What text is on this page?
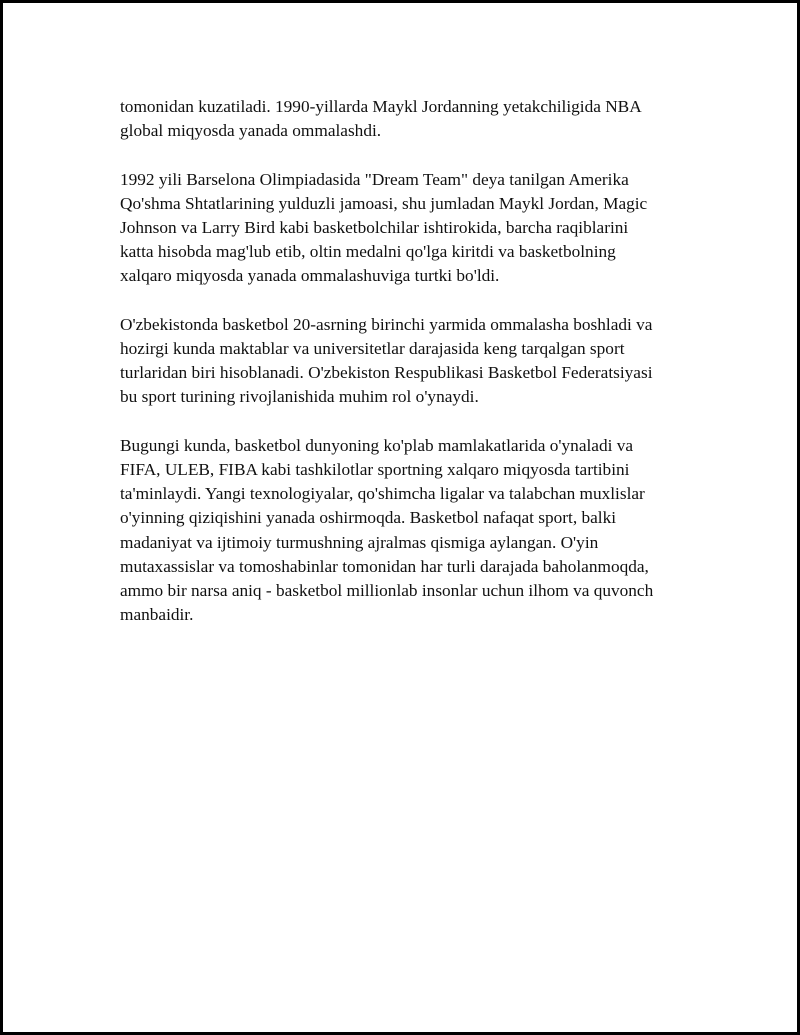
tomonidan kuzatiladi. 1990-yillarda Maykl Jordanning yetakchiligida NBA
global miqyosda yanada ommalashdi.

1992 yili Barselona Olimpiadasida "Dream Team" deya tanilgan Amerika
Qo'shma Shtatlarining yulduzli jamoasi, shu jumladan Maykl Jordan, Magic
Johnson va Larry Bird kabi basketbolchilar ishtirokida, barcha raqiblarini
katta hisobda mag'lub etib, oltin medalni qo'lga kiritdi va basketbolning
xalqaro miqyosda yanada ommalashuviga turtki bo'ldi.

O'zbekistonda basketbol 20-asrning birinchi yarmida ommalasha boshladi va
hozirgi kunda maktablar va universitetlar darajasida keng tarqalgan sport
turlaridan biri hisoblanadi. O'zbekiston Respublikasi Basketbol Federatsiyasi
bu sport turining rivojlanishida muhim rol o'ynaydi.

Bugungi kunda, basketbol dunyoning ko'plab mamlakatlarida o'ynaladi va
FIFA, ULEB, FIBA kabi tashkilotlar sportning xalqaro miqyosda tartibini
ta'minlaydi. Yangi texnologiyalar, qo'shimcha ligalar va talabchan muxlislar
o'yinning qiziqishini yanada oshirmoqda. Basketbol nafaqat sport, balki
madaniyat va ijtimoiy turmushning ajralmas qismiga aylangan. O'yin
mutaxassislar va tomoshabinlar tomonidan har turli darajada baholanmoqda,
ammo bir narsa aniq - basketbol millionlab insonlar uchun ilhom va quvonch
manbaidir.
